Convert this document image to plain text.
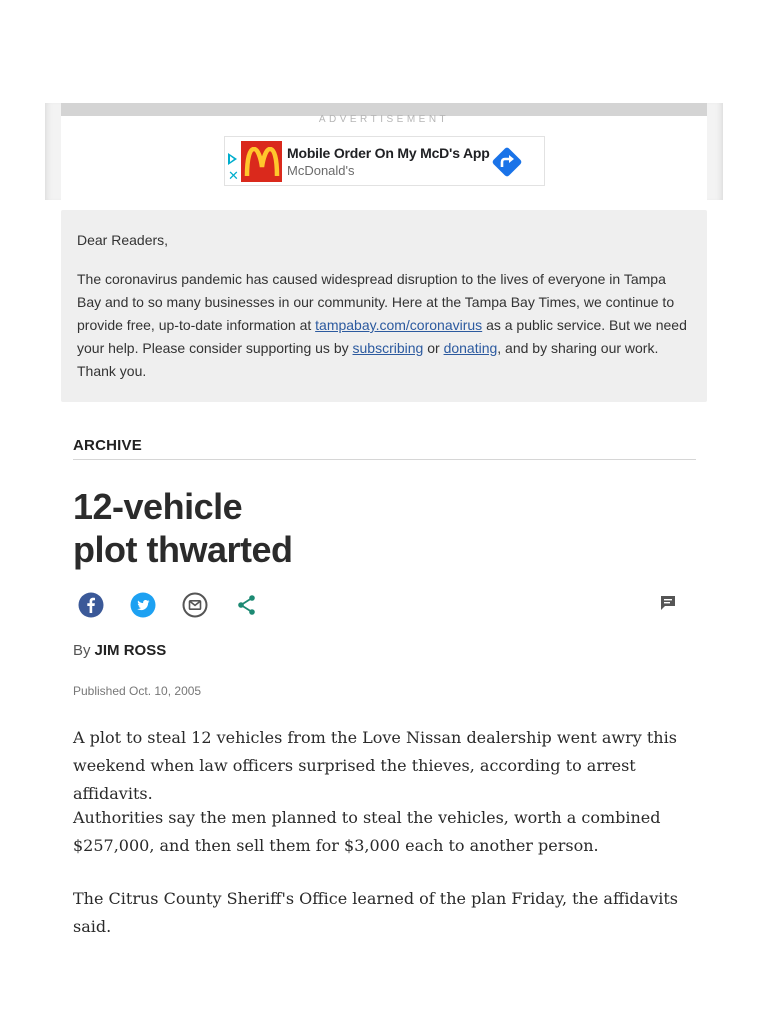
ADVERTISEMENT
✕
Mobile Order On My McD's App
McDonald's
Dear Readers,
The coronavirus pandemic has caused widespread disruption to the lives of everyone in Tampa Bay and to so many businesses in our community. Here at the Tampa Bay Times, we continue to provide free, up-to-date information at tampabay.com/coronavirus as a public service. But we need your help. Please consider supporting us by subscribing or donating, and by sharing our work. Thank you.
ARCHIVE
12-vehicle
plot thwarted
By JIM ROSS
Published Oct. 10, 2005

A plot to steal 12 vehicles from the Love Nissan dealership went awry this weekend when law officers surprised the thieves, according to arrest affidavits.

Authorities say the men planned to steal the vehicles, worth a combined $257,000, and then sell them for $3,000 each to another person.

The Citrus County Sheriff's Office learned of the plan Friday, the affidavits said.
